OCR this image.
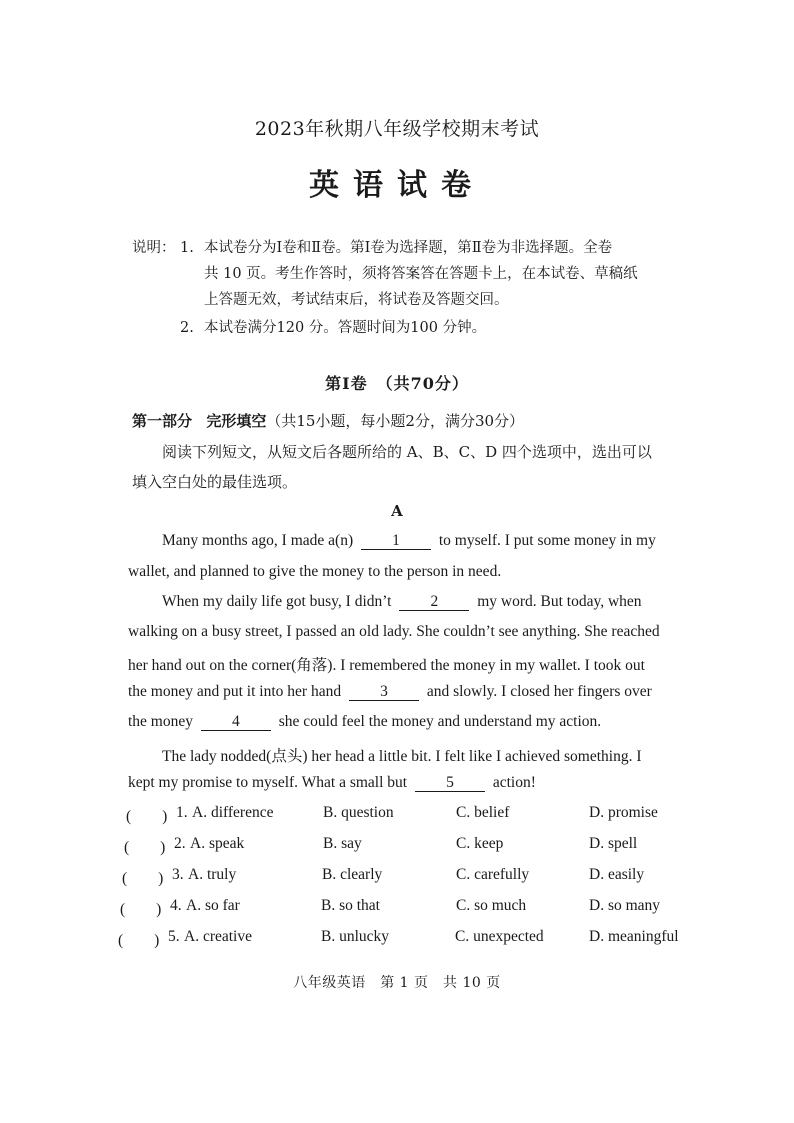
2023年秋期八年级学校期末考试
英语试卷
说明： 1. 本试卷分为Ⅰ卷和Ⅱ卷。第Ⅰ卷为选择题，第Ⅱ卷为非选择题。全卷
共 10 页。考生作答时，须将答案答在答题卡上，在本试卷、草稿纸
上答题无效，考试结束后，将试卷及答题交回。
2. 本试卷满分120 分。答题时间为100 分钟。
第Ⅰ卷　（共70分）
第一部分 完形填空（共15小题，每小题2分，满分30分）
阅读下列短文，从短文后各题所给的 A、B、C、D 四个选项中，选出可以
填入空白处的最佳选项。
A
Many months ago, I made a(n)	1	to myself. I put some money in my
wallet, and planned to give the money to the person in need.
When my daily life got busy, I didn’t	2	my word. But today, when
walking on a busy street, I passed an old lady. She couldn’t see anything. She reached
her hand out on the corner(角落). I remembered the money in my wallet. I took out
the money and put it into her hand	3	and slowly. I closed her fingers over
the money	4	she could feel the money and understand my action.
The lady nodded(点头) her head a little bit. I felt like I achieved something. I
kept my promise to myself. What a small but	5	action!
(　　) 1. A. difference	B. question	C. belief	D. promise
(　　) 2. A. speak	B. say	C. keep	D. spell
(　　) 3. A. truly	B. clearly	C. carefully	D. easily
(　　) 4. A. so far	B. so that	C. so much	D. so many
(　　) 5. A. creative	B. unlucky	C. unexpected	D. meaningful
八年级英语　第 1 页　共 10 页
